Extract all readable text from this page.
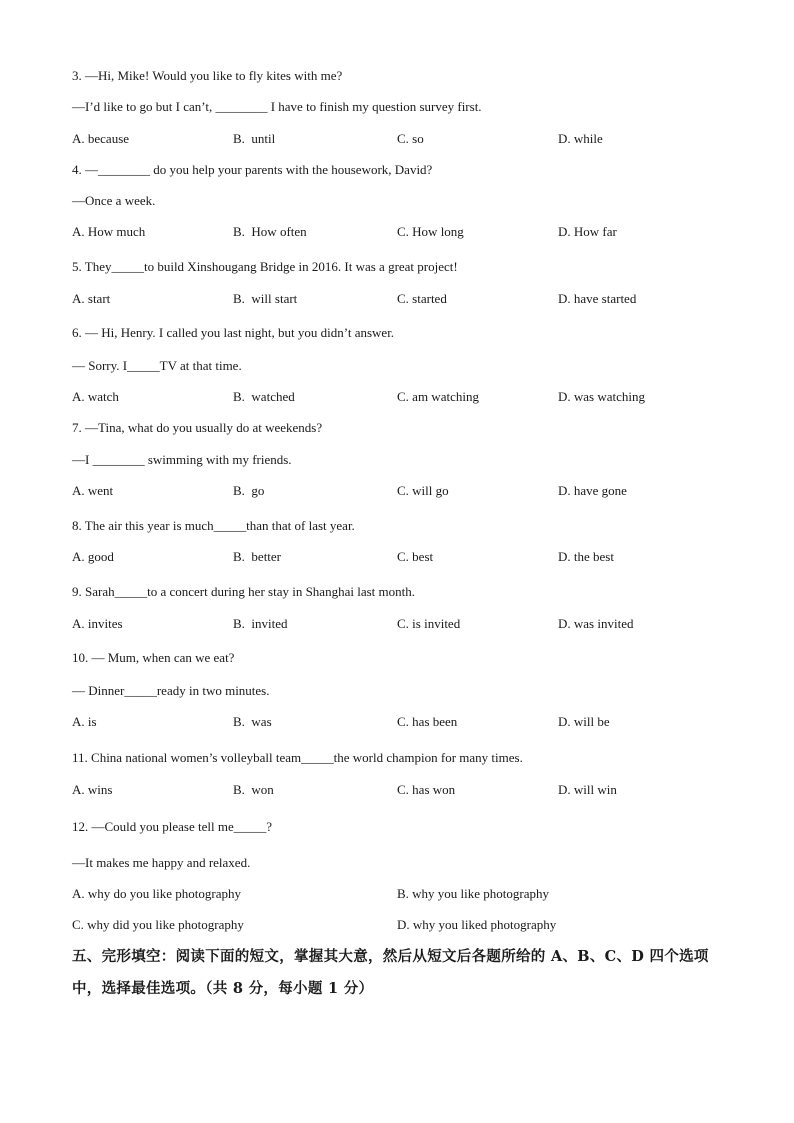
3. —Hi, Mike! Would you like to fly kites with me?
—I’d like to go but I can’t, ________ I have to finish my question survey first.
A. because	B.  until	C. so	D. while
4. —________ do you help your parents with the housework, David?
—Once a week.
A. How much	B.  How often	C. How long	D. How far
5. They_____to build Xinshougang Bridge in 2016. It was a great project!
A. start	B.  will start	C. started	D. have started
6. — Hi, Henry. I called you last night, but you didn’t answer.
— Sorry. I_____TV at that time.
A. watch	B.  watched	C. am watching	D. was watching
7. —Tina, what do you usually do at weekends?
—I ________ swimming with my friends.
A. went	B.  go	C. will go	D. have gone
8. The air this year is much_____than that of last year.
A. good	B.  better	C. best	D. the best
9. Sarah_____to a concert during her stay in Shanghai last month.
A. invites	B.  invited	C. is invited	D. was invited
10. — Mum, when can we eat?
— Dinner_____ready in two minutes.
A. is	B.  was	C. has been	D. will be
11. China national women’s volleyball team_____the world champion for many times.
A. wins	B.  won	C. has won	D. will win
12. —Could you please tell me_____?
—It makes me happy and relaxed.
A. why do you like photography	B. why you like photography
C. why did you like photography	D. why you liked photography
五、完形填空：阅读下面的短文，掌握其大意，然后从短文后各题所给的 A、B、C、D 四个选项中，选择最佳选项。（共 8 分，每小题 1 分）
